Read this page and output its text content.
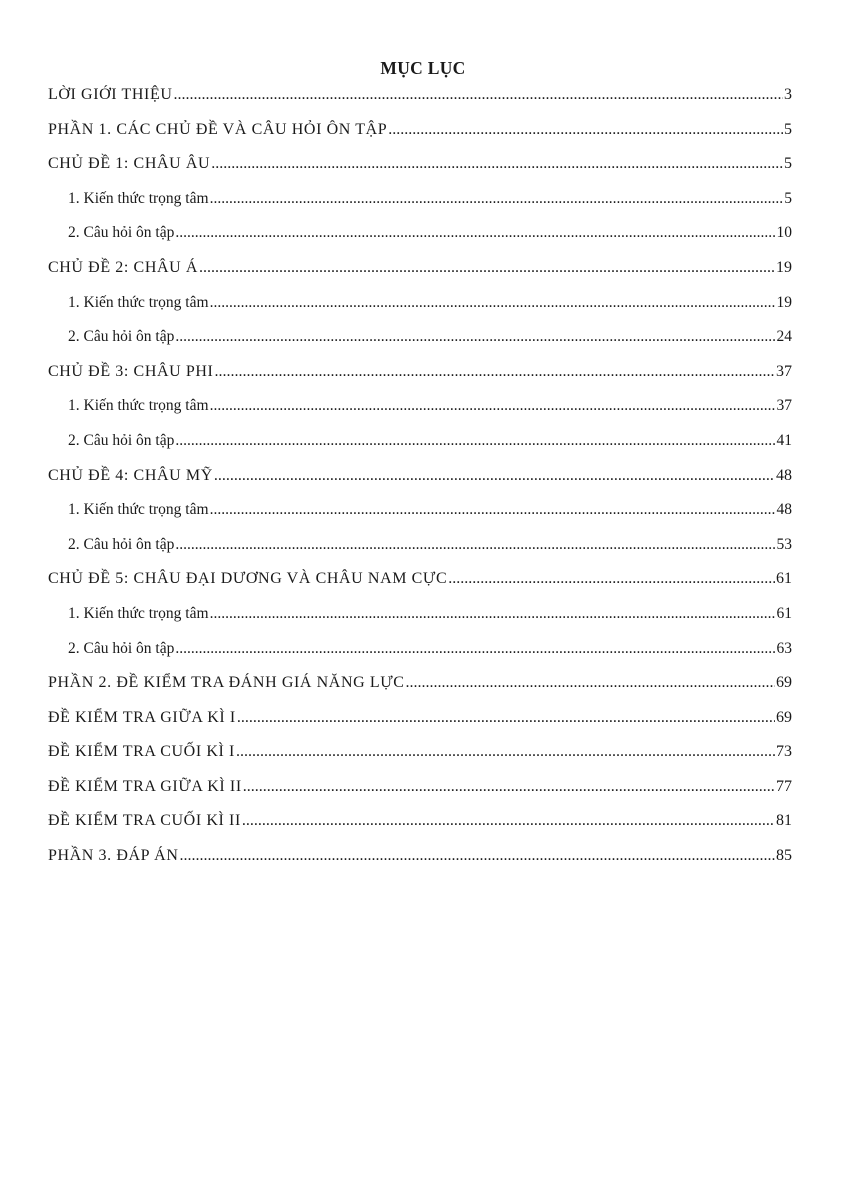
MỤC LỤC
LỜI GIỚI THIỆU .....	3
PHẦN 1. CÁC CHỦ ĐỀ VÀ CÂU HỎI ÔN TẬP .....	5
CHỦ ĐỀ 1: CHÂU ÂU .....	5
1. Kiến thức trọng tâm .....	5
2. Câu hỏi ôn tập .....	10
CHỦ ĐỀ 2: CHÂU Á .....	19
1. Kiến thức trọng tâm .....	19
2. Câu hỏi ôn tập .....	24
CHỦ ĐỀ 3: CHÂU PHI .....	37
1. Kiến thức trọng tâm .....	37
2. Câu hỏi ôn tập .....	41
CHỦ ĐỀ 4: CHÂU MỸ .....	48
1. Kiến thức trọng tâm .....	48
2. Câu hỏi ôn tập .....	53
CHỦ ĐỀ 5: CHÂU ĐẠI DƯƠNG VÀ CHÂU NAM CỰC .....	61
1. Kiến thức trọng tâm .....	61
2. Câu hỏi ôn tập .....	63
PHẦN 2. ĐỀ KIỂM TRA ĐÁNH GIÁ NĂNG LỰC .....	69
ĐỀ KIỂM TRA GIỮA KÌ I .....	69
ĐỀ KIỂM TRA CUỐI KÌ I .....	73
ĐỀ KIỂM TRA GIỮA KÌ II .....	77
ĐỀ KIỂM TRA CUỐI KÌ II .....	81
PHẦN 3. ĐÁP ÁN .....	85
